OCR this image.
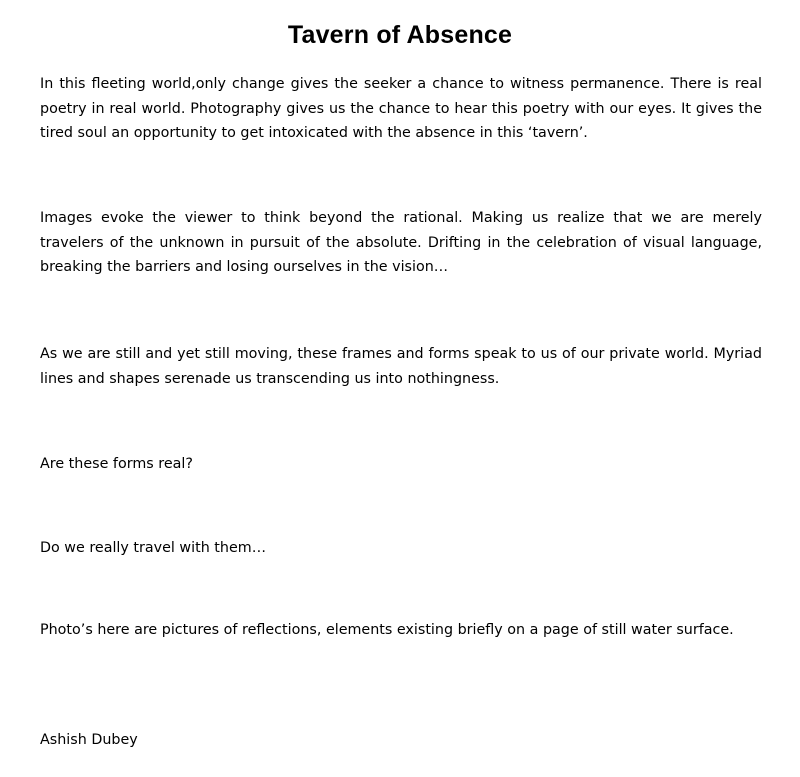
Tavern of Absence

In this fleeting world,only change gives the seeker a chance to witness permanence. There is real poetry in real world. Photography gives us the chance to hear this poetry with our eyes. It gives the tired soul an opportunity to get intoxicated with the absence in this ‘tavern’.

Images evoke the viewer to think beyond the rational. Making us realize that we are merely travelers of the unknown in pursuit of the absolute. Drifting in the celebration of visual language, breaking the barriers and losing ourselves in the vision…

As we are still and yet still moving, these frames and forms speak to us of our private world. Myriad lines and shapes serenade us transcending us into nothingness.

Are these forms real?

Do we really travel with them…

Photo’s here are pictures of reflections, elements existing briefly on a page of still water surface.

Ashish Dubey
